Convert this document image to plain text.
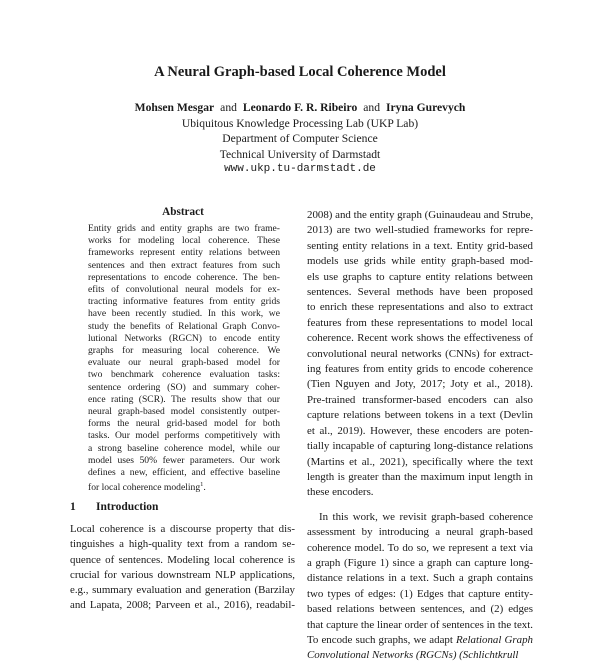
A Neural Graph-based Local Coherence Model
Mohsen Mesgar and Leonardo F. R. Ribeiro and Iryna Gurevych
Ubiquitous Knowledge Processing Lab (UKP Lab)
Department of Computer Science
Technical University of Darmstadt
www.ukp.tu-darmstadt.de
Abstract
Entity grids and entity graphs are two frame-
works for modeling local coherence. These
frameworks represent entity relations between
sentences and then extract features from such
representations to encode coherence. The ben-
efits of convolutional neural models for ex-
tracting informative features from entity grids
have been recently studied. In this work, we
study the benefits of Relational Graph Convo-
lutional Networks (RGCN) to encode entity
graphs for measuring local coherence. We
evaluate our neural graph-based model for
two benchmark coherence evaluation tasks:
sentence ordering (SO) and summary coher-
ence rating (SCR). The results show that our
neural graph-based model consistently outper-
forms the neural grid-based model for both
tasks. Our model performs competitively with
a strong baseline coherence model, while our
model uses 50% fewer parameters. Our work
defines a new, efficient, and effective baseline
for local coherence modeling$^1$.
1 Introduction
Local coherence is a discourse property that dis-
tinguishes a high-quality text from a random se-
quence of sentences. Modeling local coherence is
crucial for various downstream NLP applications,
e.g., summary evaluation and generation (Barzilay
and Lapata, 2008; Parveen et al., 2016), readabil-
2008) and the entity graph (Guinaudeau and Strube,
2013) are two well-studied frameworks for repre-
senting entity relations in a text. Entity grid-based
models use grids while entity graph-based mod-
els use graphs to capture entity relations between
sentences. Several methods have been proposed
to enrich these representations and also to extract
features from these representations to model local
coherence. Recent work shows the effectiveness of
convolutional neural networks (CNNs) for extract-
ing features from entity grids to encode coherence
(Tien Nguyen and Joty, 2017; Joty et al., 2018).
Pre-trained transformer-based encoders can also
capture relations between tokens in a text (Devlin
et al., 2019). However, these encoders are poten-
tially incapable of capturing long-distance relations
(Martins et al., 2021), specifically where the text
length is greater than the maximum input length in
these encoders.
In this work, we revisit graph-based coherence
assessment by introducing a neural graph-based
coherence model. To do so, we represent a text via
a graph (Figure 1) since a graph can capture long-
distance relations in a text. Such a graph contains
two types of edges: (1) Edges that capture entity-
based relations between sentences, and (2) edges
that capture the linear order of sentences in the text.
To encode such graphs, we adapt Relational Graph
Convolutional Networks (RGCNs) (Schlichtkrull
